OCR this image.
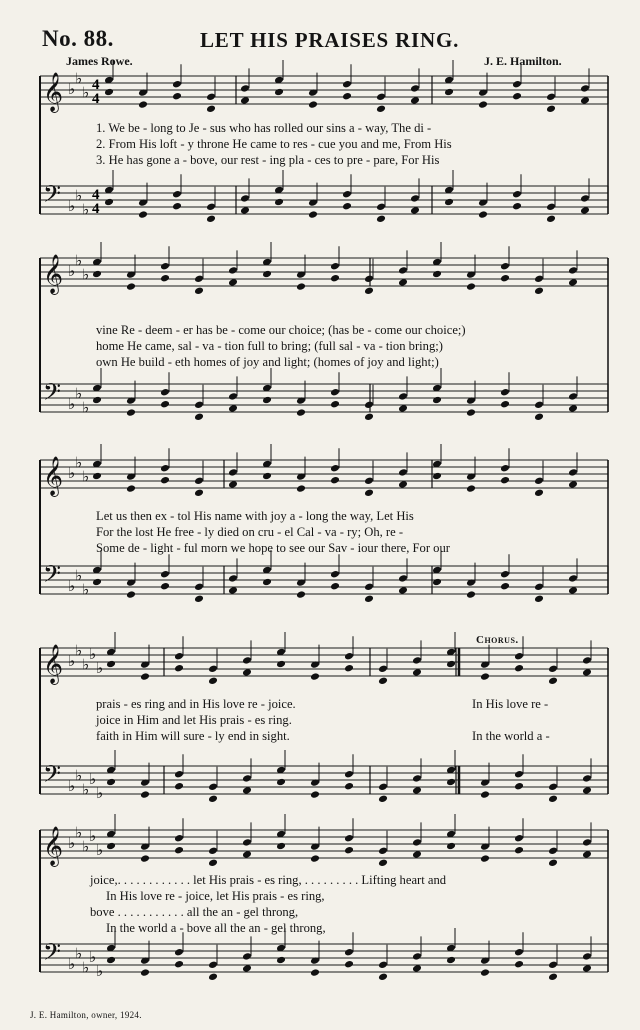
No. 88.	LET HIS PRAISES RING.
James Rowe.	J. E. Hamilton.
𝄞
𝄢
♭
♭
♭
♭
♭
♭
𝄞
𝄢
♭
♭
♭
♭
♭
♭
𝄞
𝄢
♭
♭
♭
♭
♭
♭
𝄞
𝄢
♭
♭
♭
♭
♭
♭
♭
♭
♭
♭
𝄞
𝄢
♭
♭
♭
♭
♭
♭
♭
♭
♭
♭
4
4
4
4
1. We be - long to Je - sus who has rolled our sins a - way, The di -
2. From His loft - y throne He came to res - cue you and me, From His
3. He has gone a - bove, our rest - ing pla - ces to pre - pare, For His
vine Re - deem - er has be - come our choice; (has be - come our choice;)
home He came, sal - va - tion full to bring; (full sal - va - tion bring;)
own He build - eth homes of joy and light; (homes of joy and light;)
Let us then ex - tol His name with joy a - long the way, Let His
For the lost He free - ly died on cru - el Cal - va - ry; Oh, re -
Some de - light - ful morn we hope to see our Sav - iour there, For our
Chorus.
prais - es ring and in His love re - joice.
joice in Him and let His prais - es ring.
faith in Him will sure - ly end in sight.
In His love re -
In the world a -
joice,. . . . . . . . . . . . let His prais - es ring, . . . . . . . . . Lifting heart and
In His love re - joice, let His prais - es ring,
bove . . . . . . . . . . . all the an - gel throng,
In the world a - bove all the an - gel throng,
J. E. Hamilton, owner, 1924.
